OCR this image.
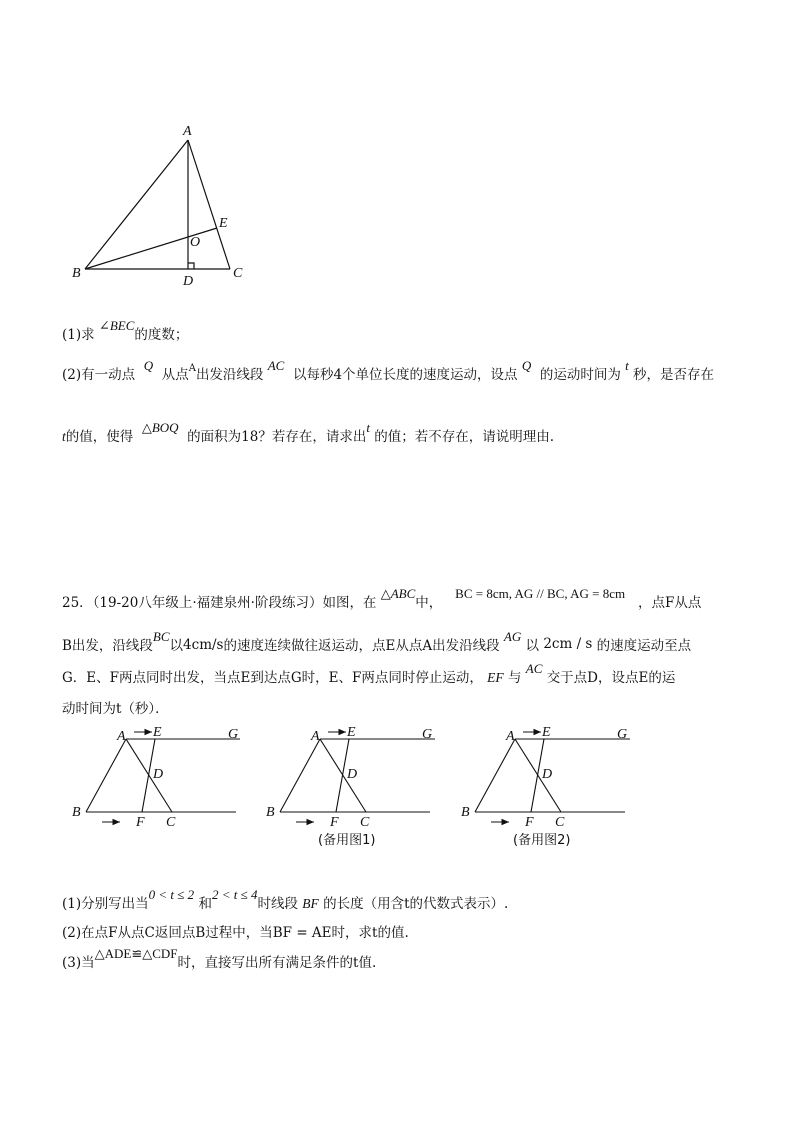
A
B	C
D
E
O
(1)求 ∠BEC的度数；
(2)有一动点  Q  从点$^A$出发沿线段 AC  以每秒4个单位长度的速度运动，设点 Q  的运动时间为 t 秒，是否存在
t的值，使得  △BOQ  的面积为18？若存在，请求出t 的值；若不存在，请说明理由.
25．（19-20八年级上·福建泉州·阶段练习）如图，在 △ABC中，   BC = 8cm, AG // BC, AG = 8cm   ，点F从点
B出发，沿线段BC以4cm/s的速度连续做往返运动，点E从点A出发沿线段 AG 以 2cm / s 的速度运动至点
G．E、F两点同时出发，当点E到达点G时，E、F两点同时停止运动， EF 与 AC 交于点D，设点E的运
动时间为t（秒）．
A E	G
D
B
F C
A E	G
D
B
F C
(备用图1)
A E	G
D
B
F C
(备用图2)
(1)分别写出当0 < t ≤ 2 和2 < t ≤ 4时线段 BF 的长度（用含t的代数式表示）.
(2)在点F从点C返回点B过程中，当BF = AE时，求t的值.
(3)当△ADE≌△CDF时，直接写出所有满足条件的t值.
